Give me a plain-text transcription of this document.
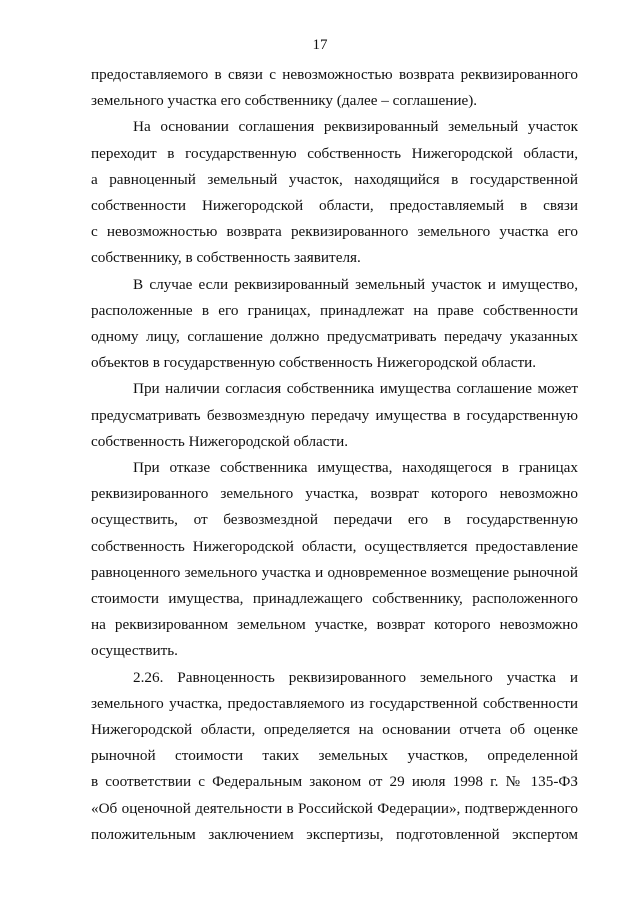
17
предоставляемого в связи с невозможностью возврата реквизированного
земельного участка его собственнику (далее – соглашение).
На основании соглашения реквизированный земельный участок
переходит в государственную собственность Нижегородской области,
а равноценный земельный участок, находящийся в государственной
собственности Нижегородской области, предоставляемый в связи
с невозможностью возврата реквизированного земельного участка его
собственнику, в собственность заявителя.
В случае если реквизированный земельный участок и имущество,
расположенные в его границах, принадлежат на праве собственности
одному лицу, соглашение должно предусматривать передачу указанных
объектов в государственную собственность Нижегородской области.
При наличии согласия собственника имущества соглашение может
предусматривать безвозмездную передачу имущества в государственную
собственность Нижегородской области.
При отказе собственника имущества, находящегося в границах
реквизированного земельного участка, возврат которого невозможно
осуществить, от безвозмездной передачи его в государственную
собственность Нижегородской области, осуществляется предоставление
равноценного земельного участка и одновременное возмещение рыночной
стоимости имущества, принадлежащего собственнику, расположенного
на реквизированном земельном участке, возврат которого невозможно
осуществить.
2.26. Равноценность реквизированного земельного участка и
земельного участка, предоставляемого из государственной собственности
Нижегородской области, определяется на основании отчета об оценке
рыночной стоимости таких земельных участков, определенной
в соответствии с Федеральным законом от 29 июля 1998 г. № 135-ФЗ
«Об оценочной деятельности в Российской Федерации», подтвержденного
положительным заключением экспертизы, подготовленной экспертом
